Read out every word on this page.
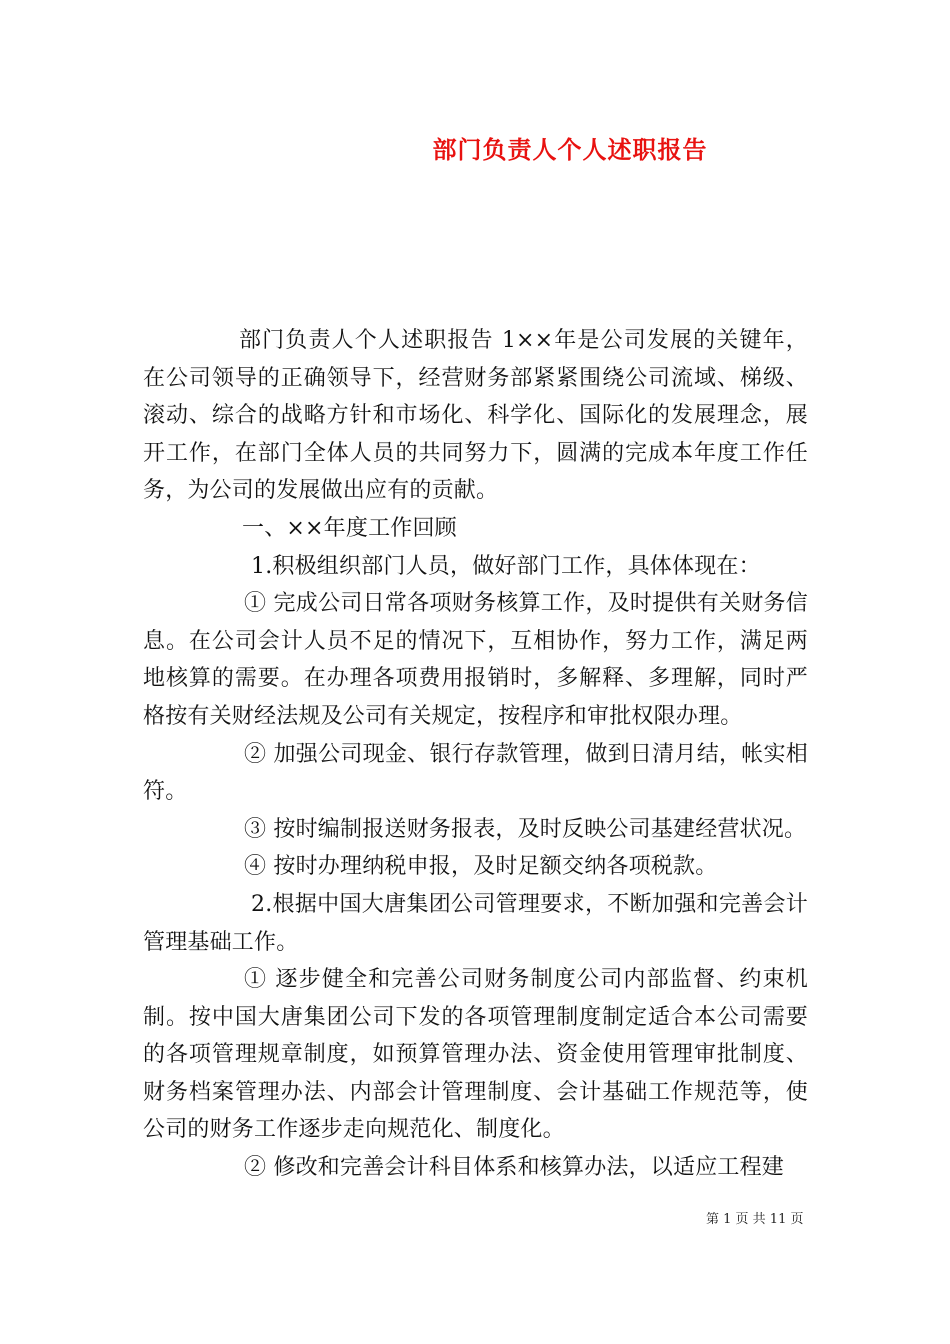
部门负责人个人述职报告

部门负责人个人述职报告 1××年是公司发展的关键年，在公司领导的正确领导下，经营财务部紧紧围绕公司流域、梯级、滚动、综合的战略方针和市场化、科学化、国际化的发展理念，展开工作，在部门全体人员的共同努力下，圆满的完成本年度工作任务，为公司的发展做出应有的贡献。

一、××年度工作回顾

1.积极组织部门人员，做好部门工作，具体体现在：

① 完成公司日常各项财务核算工作，及时提供有关财务信息。在公司会计人员不足的情况下，互相协作，努力工作，满足两地核算的需要。在办理各项费用报销时，多解释、多理解，同时严格按有关财经法规及公司有关规定，按程序和审批权限办理。

② 加强公司现金、银行存款管理，做到日清月结，帐实相符。

③ 按时编制报送财务报表，及时反映公司基建经营状况。

④ 按时办理纳税申报，及时足额交纳各项税款。

2.根据中国大唐集团公司管理要求，不断加强和完善会计管理基础工作。

① 逐步健全和完善公司财务制度公司内部监督、约束机制。按中国大唐集团公司下发的各项管理制度制定适合本公司需要的各项管理规章制度，如预算管理办法、资金使用管理审批制度、财务档案管理办法、内部会计管理制度、会计基础工作规范等，使公司的财务工作逐步走向规范化、制度化。

② 修改和完善会计科目体系和核算办法，以适应工程建

第 1 页 共 11 页
